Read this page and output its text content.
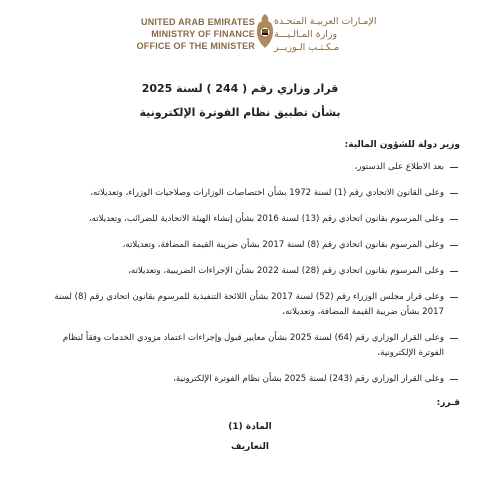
UNITED ARAB EMIRATES
MINISTRY OF FINANCE
OFFICE OF THE MINISTER
الإمـارات العربيـة المتحـدة
وزارة المـالـيـــة
مـكـتـب الـوزيــر
قرار وزاري رقم ( 244 ) لسنة 2025
بشأن تطبيق نظام الفوترة الإلكترونية
وزير دولة للشؤون المالية:
بعد الاطلاع على الدستور،
وعلى القانون الاتحادي رقم (1) لسنة 1972 بشأن اختصاصات الوزارات وصلاحيات الوزراء، وتعديلاته،
وعلى المرسوم بقانون اتحادي رقم (13) لسنة 2016 بشأن إنشاء الهيئة الاتحادية للضرائب، وتعديلاته،
وعلى المرسوم بقانون اتحادي رقم (8) لسنة 2017 بشأن ضريبة القيمة المضافة، وتعديلاته،
وعلى المرسوم بقانون اتحادي رقم (28) لسنة 2022 بشأن الإجراءات الضريبية، وتعديلاته،
وعلى قرار مجلس الوزراء رقم (52) لسنة 2017 بشأن اللائحة التنفيذية للمرسوم بقانون اتحادي رقم (8) لسنة 2017 بشأن ضريبة القيمة المضافة، وتعديلاته،
وعلى القرار الوزاري رقم (64) لسنة 2025 بشأن معايير قبول وإجراءات اعتماد مزودي الخدمات وفقاً لنظام الفوترة الإلكترونية،
وعلى القرار الوزاري رقم (243) لسنة 2025 بشأن نظام الفوترة الإلكترونية،
قـرر:
المادة (1)
التعاريف
